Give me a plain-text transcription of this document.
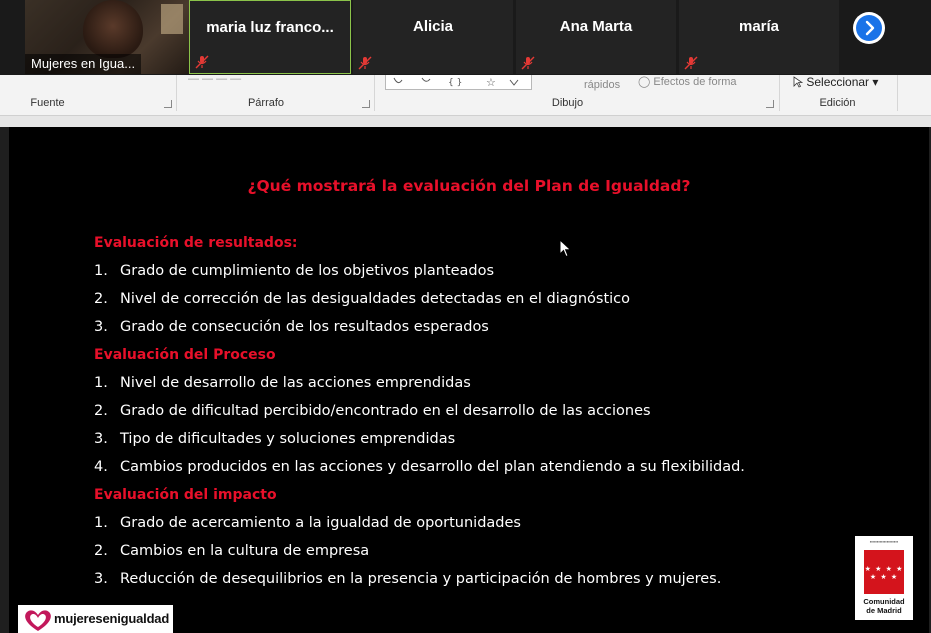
Mujeres en Igua...
maria luz franco...	Alicia	Ana Marta	maría
Fuente
— — — —
Párrafo
{ } ☆	rápidos ◯ Efectos de forma
Dibujo
Seleccionar ▾
Edición
¿Qué mostrará la evaluación del Plan de Igualdad?
Evaluación de resultados:
1. Grado de cumplimiento de los objetivos planteados
2. Nivel de corrección de las desigualdades detectadas en el diagnóstico
3. Grado de consecución de los resultados esperados
Evaluación del Proceso
1. Nivel de desarrollo de las acciones emprendidas
2. Grado de dificultad percibido/encontrado en el desarrollo de las acciones
3. Tipo de dificultades y soluciones emprendidas
4. Cambios producidos en las acciones y desarrollo del plan atendiendo a su flexibilidad.
Evaluación del impacto
1. Grado de acercamiento a la igualdad de oportunidades
2. Cambios en la cultura de empresa
3. Reducción de desequilibrios en la presencia y participación de hombres y mujeres.
mujeresenigualdad
▪▪▪▪▪▪▪▪▪▪▪▪▪▪▪▪▪▪▪▪
★ ★ ★ ★ ★ ★ ★
Comunidad
de Madrid
